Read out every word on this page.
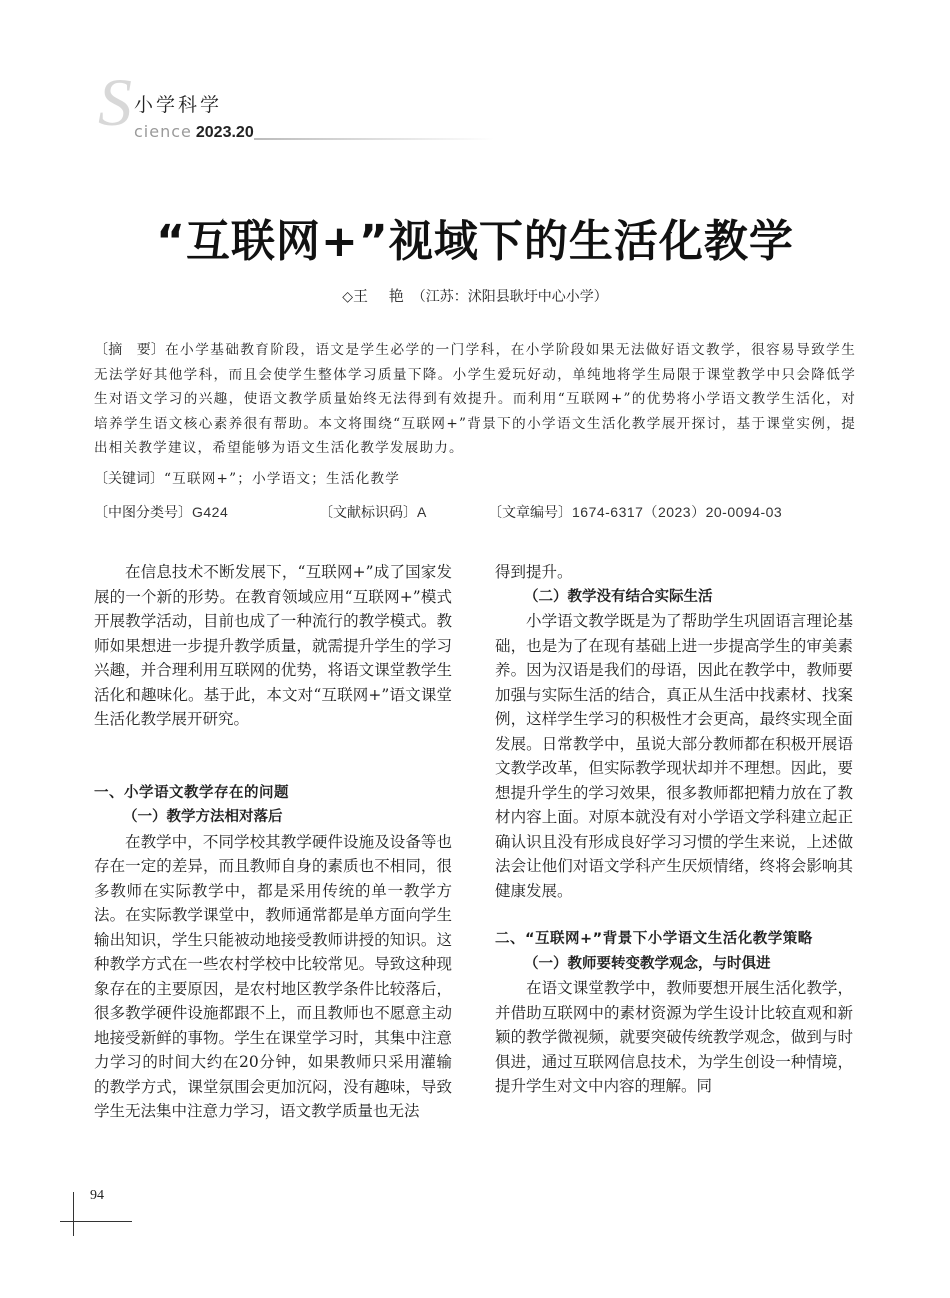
S 小学科学
cience 2023.20
“互联网+”视域下的生活化教学
◇王 艳（江苏：沭阳县耿圩中心小学）
〔摘　要〕在小学基础教育阶段，语文是学生必学的一门学科，在小学阶段如果无法做好语文教学，很容易导致学生无法学好其他学科，而且会使学生整体学习质量下降。小学生爱玩好动，单纯地将学生局限于课堂教学中只会降低学生对语文学习的兴趣，使语文教学质量始终无法得到有效提升。而利用“互联网+”的优势将小学语文教学生活化，对培养学生语文核心素养很有帮助。本文将围绕“互联网+”背景下的小学语文生活化教学展开探讨，基于课堂实例，提出相关教学建议，希望能够为语文生活化教学发展助力。
〔关键词〕“互联网+”；小学语文；生活化教学
〔中图分类号〕G424	〔文献标识码〕A	〔文章编号〕1674-6317（2023）20-0094-03

在信息技术不断发展下，“互联网+”成了国家发展的一个新的形势。在教育领域应用“互联网+”模式开展教学活动，目前也成了一种流行的教学模式。教师如果想进一步提升教学质量，就需提升学生的学习兴趣，并合理利用互联网的优势，将语文课堂教学生活化和趣味化。基于此，本文对“互联网+”语文课堂生活化教学展开研究。

一、小学语文教学存在的问题
（一）教学方法相对落后

在教学中，不同学校其教学硬件设施及设备等也存在一定的差异，而且教师自身的素质也不相同，很多教师在实际教学中，都是采用传统的单一教学方法。在实际教学课堂中，教师通常都是单方面向学生输出知识，学生只能被动地接受教师讲授的知识。这种教学方式在一些农村学校中比较常见。导致这种现象存在的主要原因，是农村地区教学条件比较落后，很多教学硬件设施都跟不上，而且教师也不愿意主动地接受新鲜的事物。学生在课堂学习时，其集中注意力学习的时间大约在20分钟，如果教师只采用灌输的教学方式，课堂氛围会更加沉闷，没有趣味，导致学生无法集中注意力学习，语文教学质量也无法

得到提升。

（二）教学没有结合实际生活

小学语文教学既是为了帮助学生巩固语言理论基础，也是为了在现有基础上进一步提高学生的审美素养。因为汉语是我们的母语，因此在教学中，教师要加强与实际生活的结合，真正从生活中找素材、找案例，这样学生学习的积极性才会更高，最终实现全面发展。日常教学中，虽说大部分教师都在积极开展语文教学改革，但实际教学现状却并不理想。因此，要想提升学生的学习效果，很多教师都把精力放在了教材内容上面。对原本就没有对小学语文学科建立起正确认识且没有形成良好学习习惯的学生来说，上述做法会让他们对语文学科产生厌烦情绪，终将会影响其健康发展。

二、“互联网+”背景下小学语文生活化教学策略
（一）教师要转变教学观念，与时俱进

在语文课堂教学中，教师要想开展生活化教学，并借助互联网中的素材资源为学生设计比较直观和新颖的教学微视频，就要突破传统教学观念，做到与时俱进，通过互联网信息技术，为学生创设一种情境，提升学生对文中内容的理解。同

94
